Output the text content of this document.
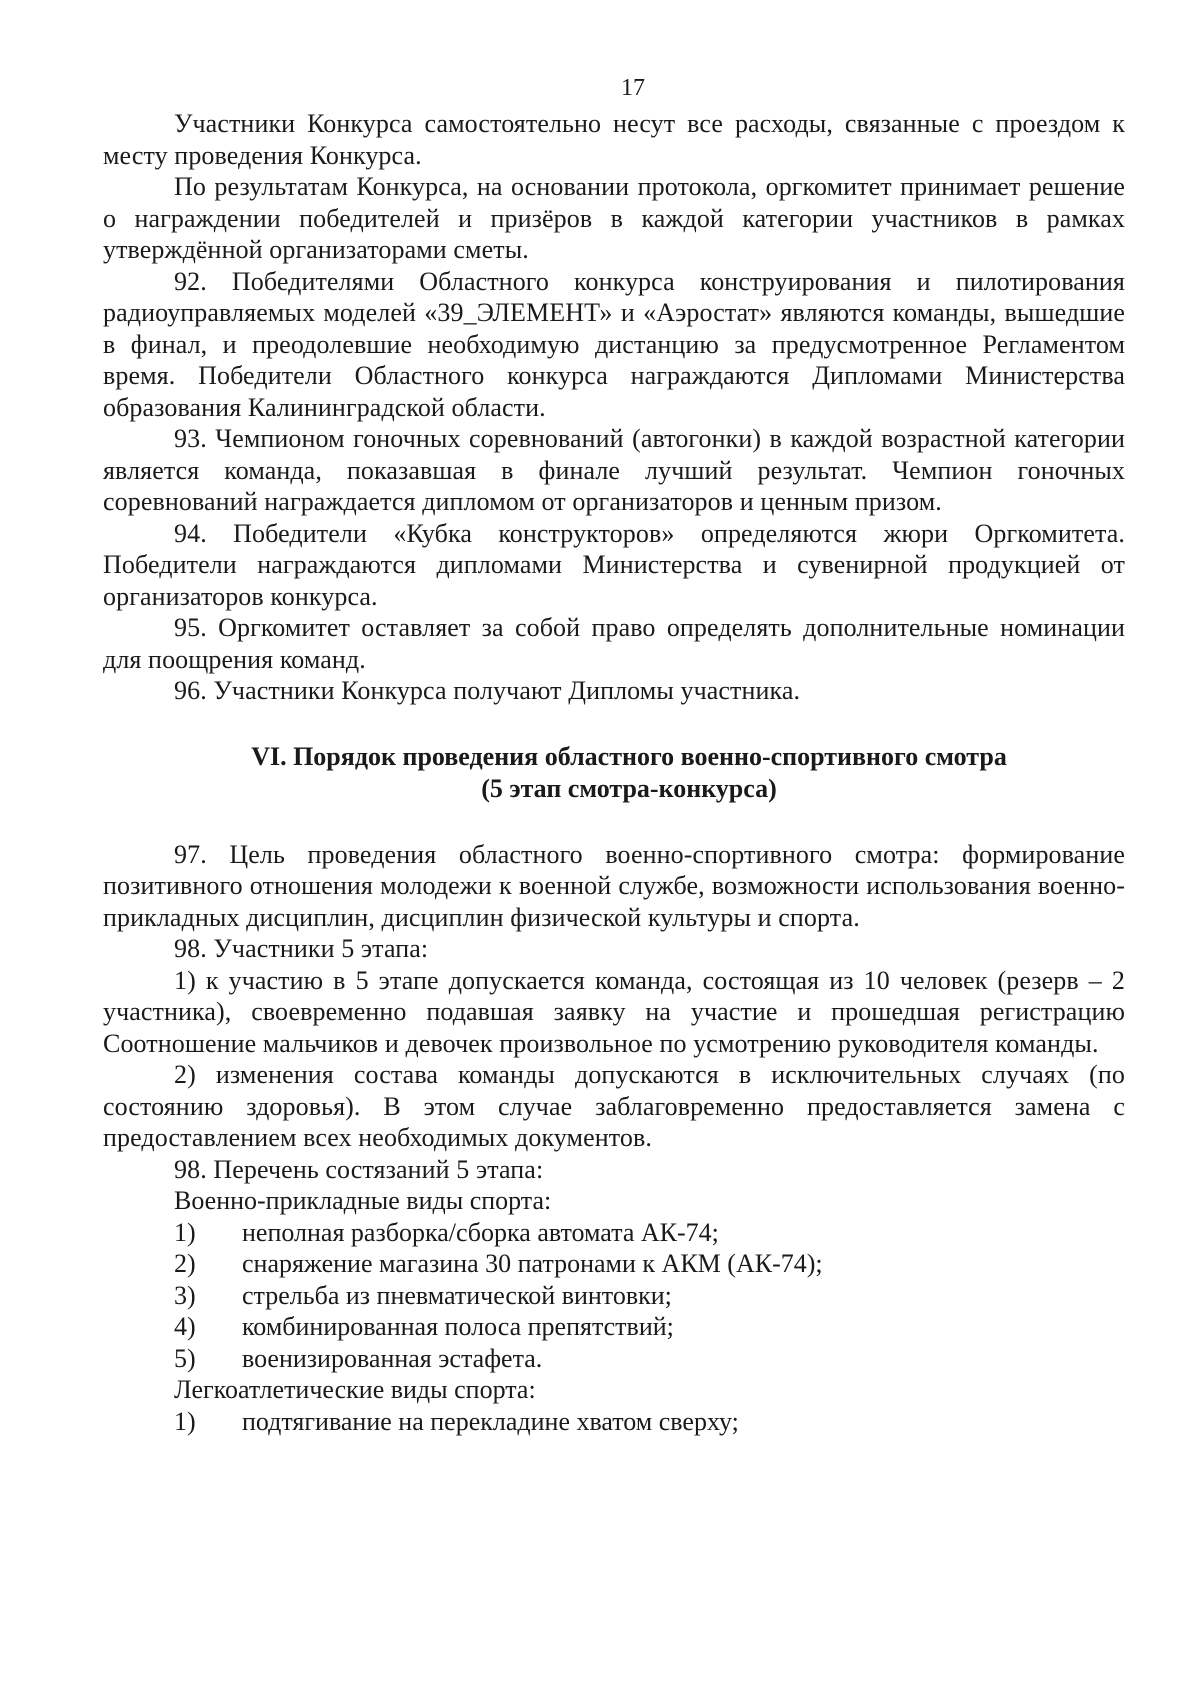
17

Участники Конкурса самостоятельно несут все расходы, связанные с проездом к месту проведения Конкурса.

По результатам Конкурса, на основании протокола, оргкомитет принимает решение о награждении победителей и призёров в каждой категории участников в рамках утверждённой организаторами сметы.

92. Победителями Областного конкурса конструирования и пилотирования радиоуправляемых моделей «39_ЭЛЕМЕНТ» и «Аэростат» являются команды, вышедшие в финал, и преодолевшие необходимую дистанцию за предусмотренное Регламентом время. Победители Областного конкурса награждаются Дипломами Министерства образования Калининградской области.

93. Чемпионом гоночных соревнований (автогонки) в каждой возрастной категории является команда, показавшая в финале лучший результат. Чемпион гоночных соревнований награждается дипломом от организаторов и ценным призом.

94. Победители «Кубка конструкторов» определяются жюри Оргкомитета. Победители награждаются дипломами Министерства и сувенирной продукцией от организаторов конкурса.

95. Оргкомитет оставляет за собой право определять дополнительные номинации для поощрения команд.

96. Участники Конкурса получают Дипломы участника.

VI. Порядок проведения областного военно-спортивного смотра
(5 этап смотра-конкурса)

97. Цель проведения областного военно-спортивного смотра: формирование позитивного отношения молодежи к военной службе, возможности использования военно-прикладных дисциплин, дисциплин физической культуры и спорта.

98. Участники 5 этапа:

1) к участию в 5 этапе допускается команда, состоящая из 10 человек (резерв – 2 участника), своевременно подавшая заявку на участие и прошедшая регистрацию Соотношение мальчиков и девочек произвольное по усмотрению руководителя команды.

2) изменения состава команды допускаются в исключительных случаях (по состоянию здоровья). В этом случае заблаговременно предоставляется замена с предоставлением всех необходимых документов.

98. Перечень состязаний 5 этапа:

Военно-прикладные виды спорта:
1)	неполная разборка/сборка автомата АК-74;
2)	снаряжение магазина 30 патронами к АКМ (АК-74);
3)	стрельба из пневматической винтовки;
4)	комбинированная полоса препятствий;
5)	военизированная эстафета.
Легкоатлетические виды спорта:
1)	подтягивание на перекладине хватом сверху;
